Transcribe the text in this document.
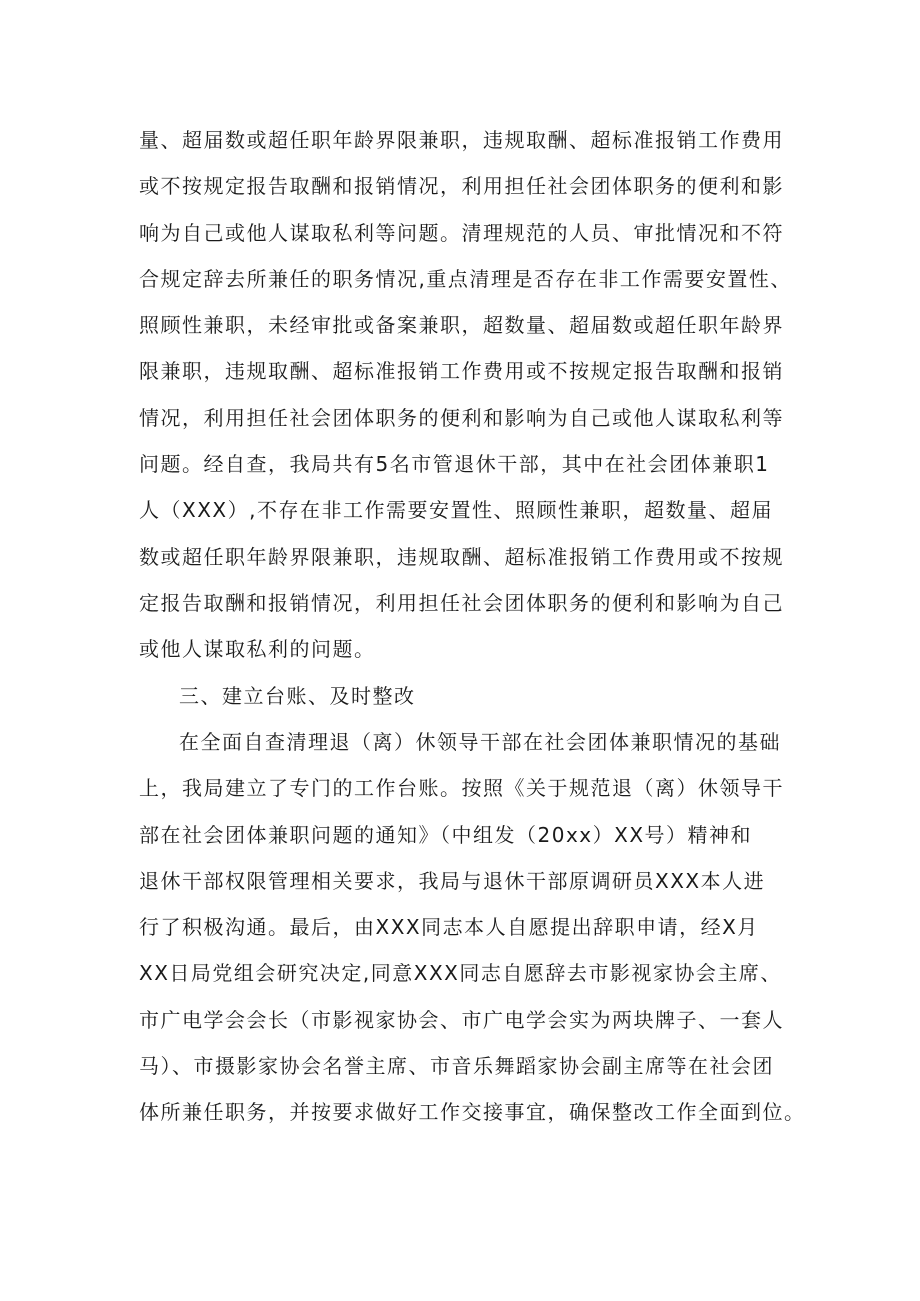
量、超届数或超任职年龄界限兼职，违规取酬、超标准报销工作费用
或不按规定报告取酬和报销情况，利用担任社会团体职务的便利和影
响为自己或他人谋取私利等问题。清理规范的人员、审批情况和不符
合规定辞去所兼任的职务情况,重点清理是否存在非工作需要安置性、
照顾性兼职，未经审批或备案兼职，超数量、超届数或超任职年龄界
限兼职，违规取酬、超标准报销工作费用或不按规定报告取酬和报销
情况，利用担任社会团体职务的便利和影响为自己或他人谋取私利等
问题。经自查，我局共有5名市管退休干部，其中在社会团体兼职1
人（XXX）,不存在非工作需要安置性、照顾性兼职，超数量、超届
数或超任职年龄界限兼职，违规取酬、超标准报销工作费用或不按规
定报告取酬和报销情况，利用担任社会团体职务的便利和影响为自己
或他人谋取私利的问题。
三、建立台账、及时整改
在全面自查清理退（离）休领导干部在社会团体兼职情况的基础
上，我局建立了专门的工作台账。按照《关于规范退（离）休领导干
部在社会团体兼职问题的通知》（中组发（20xx）XX号）精神和
退休干部权限管理相关要求，我局与退休干部原调研员XXX本人进
行了积极沟通。最后，由XXX同志本人自愿提出辞职申请，经X月
XX日局党组会研究决定,同意XXX同志自愿辞去市影视家协会主席、
市广电学会会长（市影视家协会、市广电学会实为两块牌子、一套人
马）、市摄影家协会名誉主席、市音乐舞蹈家协会副主席等在社会团
体所兼任职务，并按要求做好工作交接事宜，确保整改工作全面到位。
